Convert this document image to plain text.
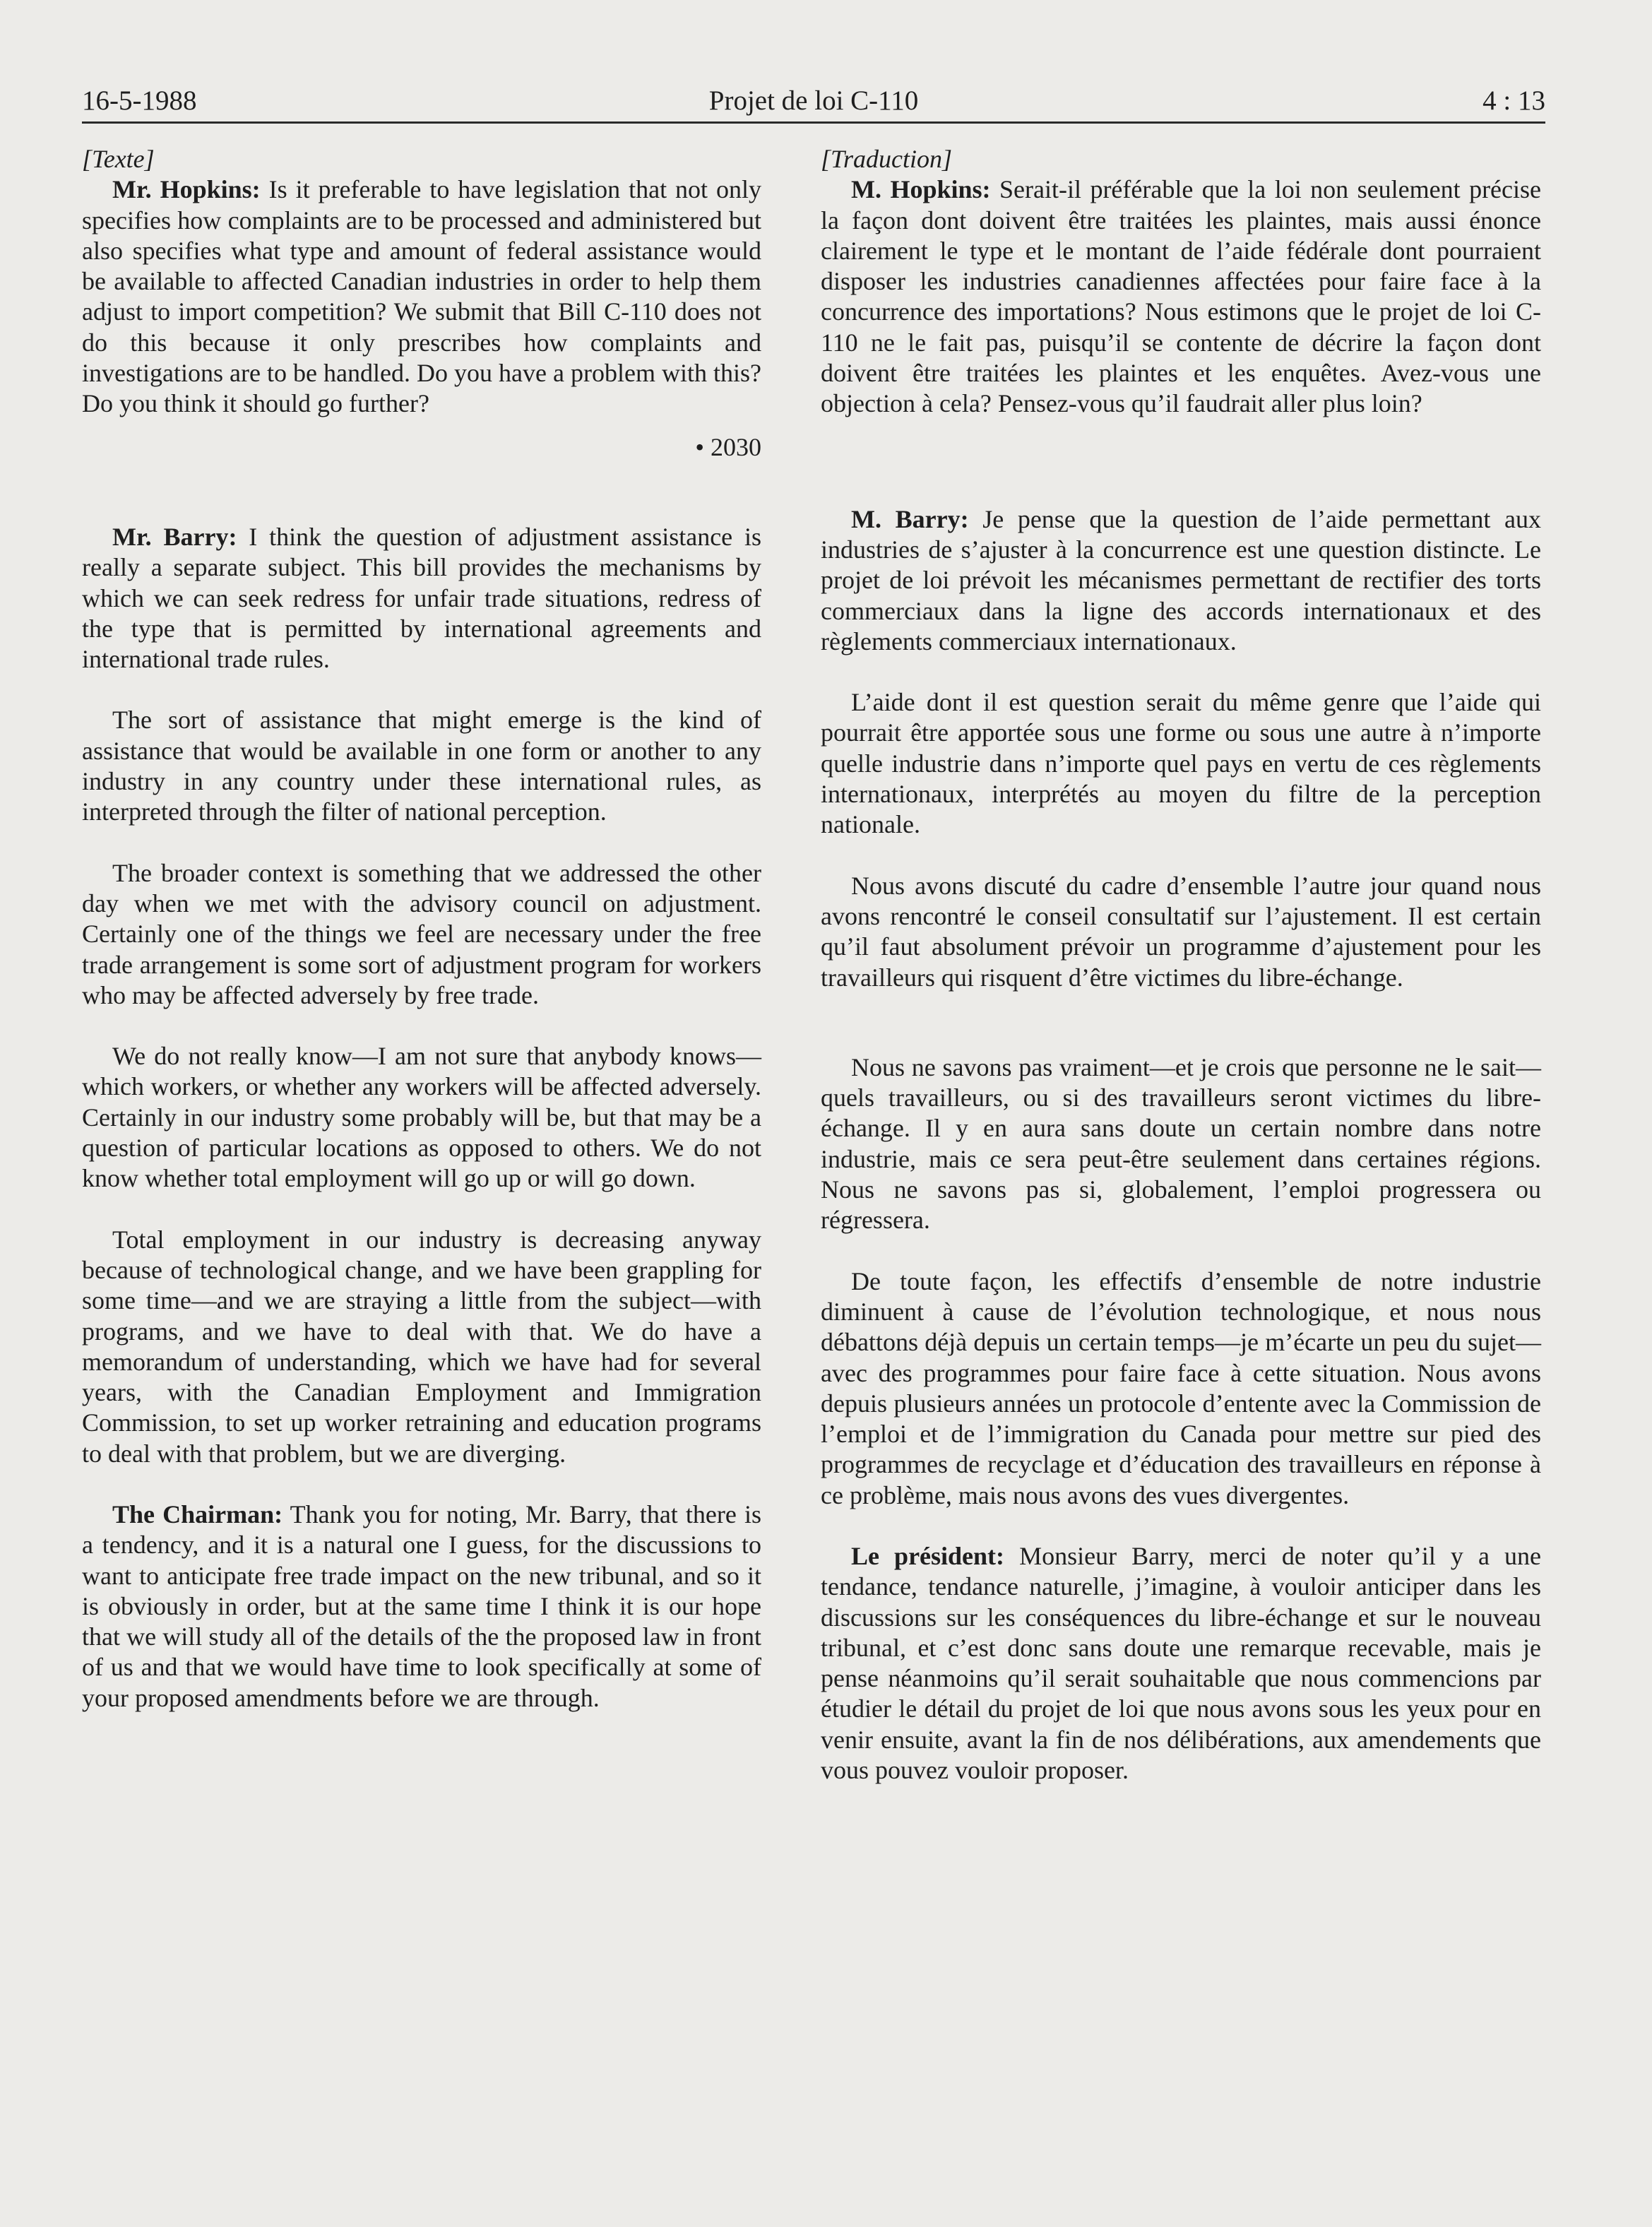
16-5-1988	Projet de loi C-110	4 : 13

[Texte]

Mr. Hopkins: Is it preferable to have legislation that not only specifies how complaints are to be processed and administered but also specifies what type and amount of federal assistance would be available to affected Canadian industries in order to help them adjust to import competition? We submit that Bill C-110 does not do this because it only prescribes how complaints and investigations are to be handled. Do you have a problem with this? Do you think it should go further?

• 2030

Mr. Barry: I think the question of adjustment assistance is really a separate subject. This bill provides the mechanisms by which we can seek redress for unfair trade situations, redress of the type that is permitted by international agreements and international trade rules.

The sort of assistance that might emerge is the kind of assistance that would be available in one form or another to any industry in any country under these international rules, as interpreted through the filter of national perception.

The broader context is something that we addressed the other day when we met with the advisory council on adjustment. Certainly one of the things we feel are necessary under the free trade arrangement is some sort of adjustment program for workers who may be affected adversely by free trade.

We do not really know—I am not sure that anybody knows—which workers, or whether any workers will be affected adversely. Certainly in our industry some probably will be, but that may be a question of particular locations as opposed to others. We do not know whether total employment will go up or will go down.

Total employment in our industry is decreasing anyway because of technological change, and we have been grappling for some time—and we are straying a little from the subject—with programs, and we have to deal with that. We do have a memorandum of understanding, which we have had for several years, with the Canadian Employment and Immigration Commission, to set up worker retraining and education programs to deal with that problem, but we are diverging.

The Chairman: Thank you for noting, Mr. Barry, that there is a tendency, and it is a natural one I guess, for the discussions to want to anticipate free trade impact on the new tribunal, and so it is obviously in order, but at the same time I think it is our hope that we will study all of the details of the the proposed law in front of us and that we would have time to look specifically at some of your proposed amendments before we are through.

[Traduction]

M. Hopkins: Serait-il préférable que la loi non seulement précise la façon dont doivent être traitées les plaintes, mais aussi énonce clairement le type et le montant de l’aide fédérale dont pourraient disposer les industries canadiennes affectées pour faire face à la concurrence des importations? Nous estimons que le projet de loi C-110 ne le fait pas, puisqu’il se contente de décrire la façon dont doivent être traitées les plaintes et les enquêtes. Avez-vous une objection à cela? Pensez-vous qu’il faudrait aller plus loin?

M. Barry: Je pense que la question de l’aide permettant aux industries de s’ajuster à la concurrence est une question distincte. Le projet de loi prévoit les mécanismes permettant de rectifier des torts commerciaux dans la ligne des accords internationaux et des règlements commerciaux internationaux.

L’aide dont il est question serait du même genre que l’aide qui pourrait être apportée sous une forme ou sous une autre à n’importe quelle industrie dans n’importe quel pays en vertu de ces règlements internationaux, interprétés au moyen du filtre de la perception nationale.

Nous avons discuté du cadre d’ensemble l’autre jour quand nous avons rencontré le conseil consultatif sur l’ajustement. Il est certain qu’il faut absolument prévoir un programme d’ajustement pour les travailleurs qui risquent d’être victimes du libre-échange.

Nous ne savons pas vraiment—et je crois que personne ne le sait—quels travailleurs, ou si des travailleurs seront victimes du libre-échange. Il y en aura sans doute un certain nombre dans notre industrie, mais ce sera peut-être seulement dans certaines régions. Nous ne savons pas si, globalement, l’emploi progressera ou régressera.

De toute façon, les effectifs d’ensemble de notre industrie diminuent à cause de l’évolution technologique, et nous nous débattons déjà depuis un certain temps—je m’écarte un peu du sujet—avec des programmes pour faire face à cette situation. Nous avons depuis plusieurs années un protocole d’entente avec la Commission de l’emploi et de l’immigration du Canada pour mettre sur pied des programmes de recyclage et d’éducation des travailleurs en réponse à ce problème, mais nous avons des vues divergentes.

Le président: Monsieur Barry, merci de noter qu’il y a une tendance, tendance naturelle, j’imagine, à vouloir anticiper dans les discussions sur les conséquences du libre-échange et sur le nouveau tribunal, et c’est donc sans doute une remarque recevable, mais je pense néanmoins qu’il serait souhaitable que nous commencions par étudier le détail du projet de loi que nous avons sous les yeux pour en venir ensuite, avant la fin de nos délibérations, aux amendements que vous pouvez vouloir proposer.
